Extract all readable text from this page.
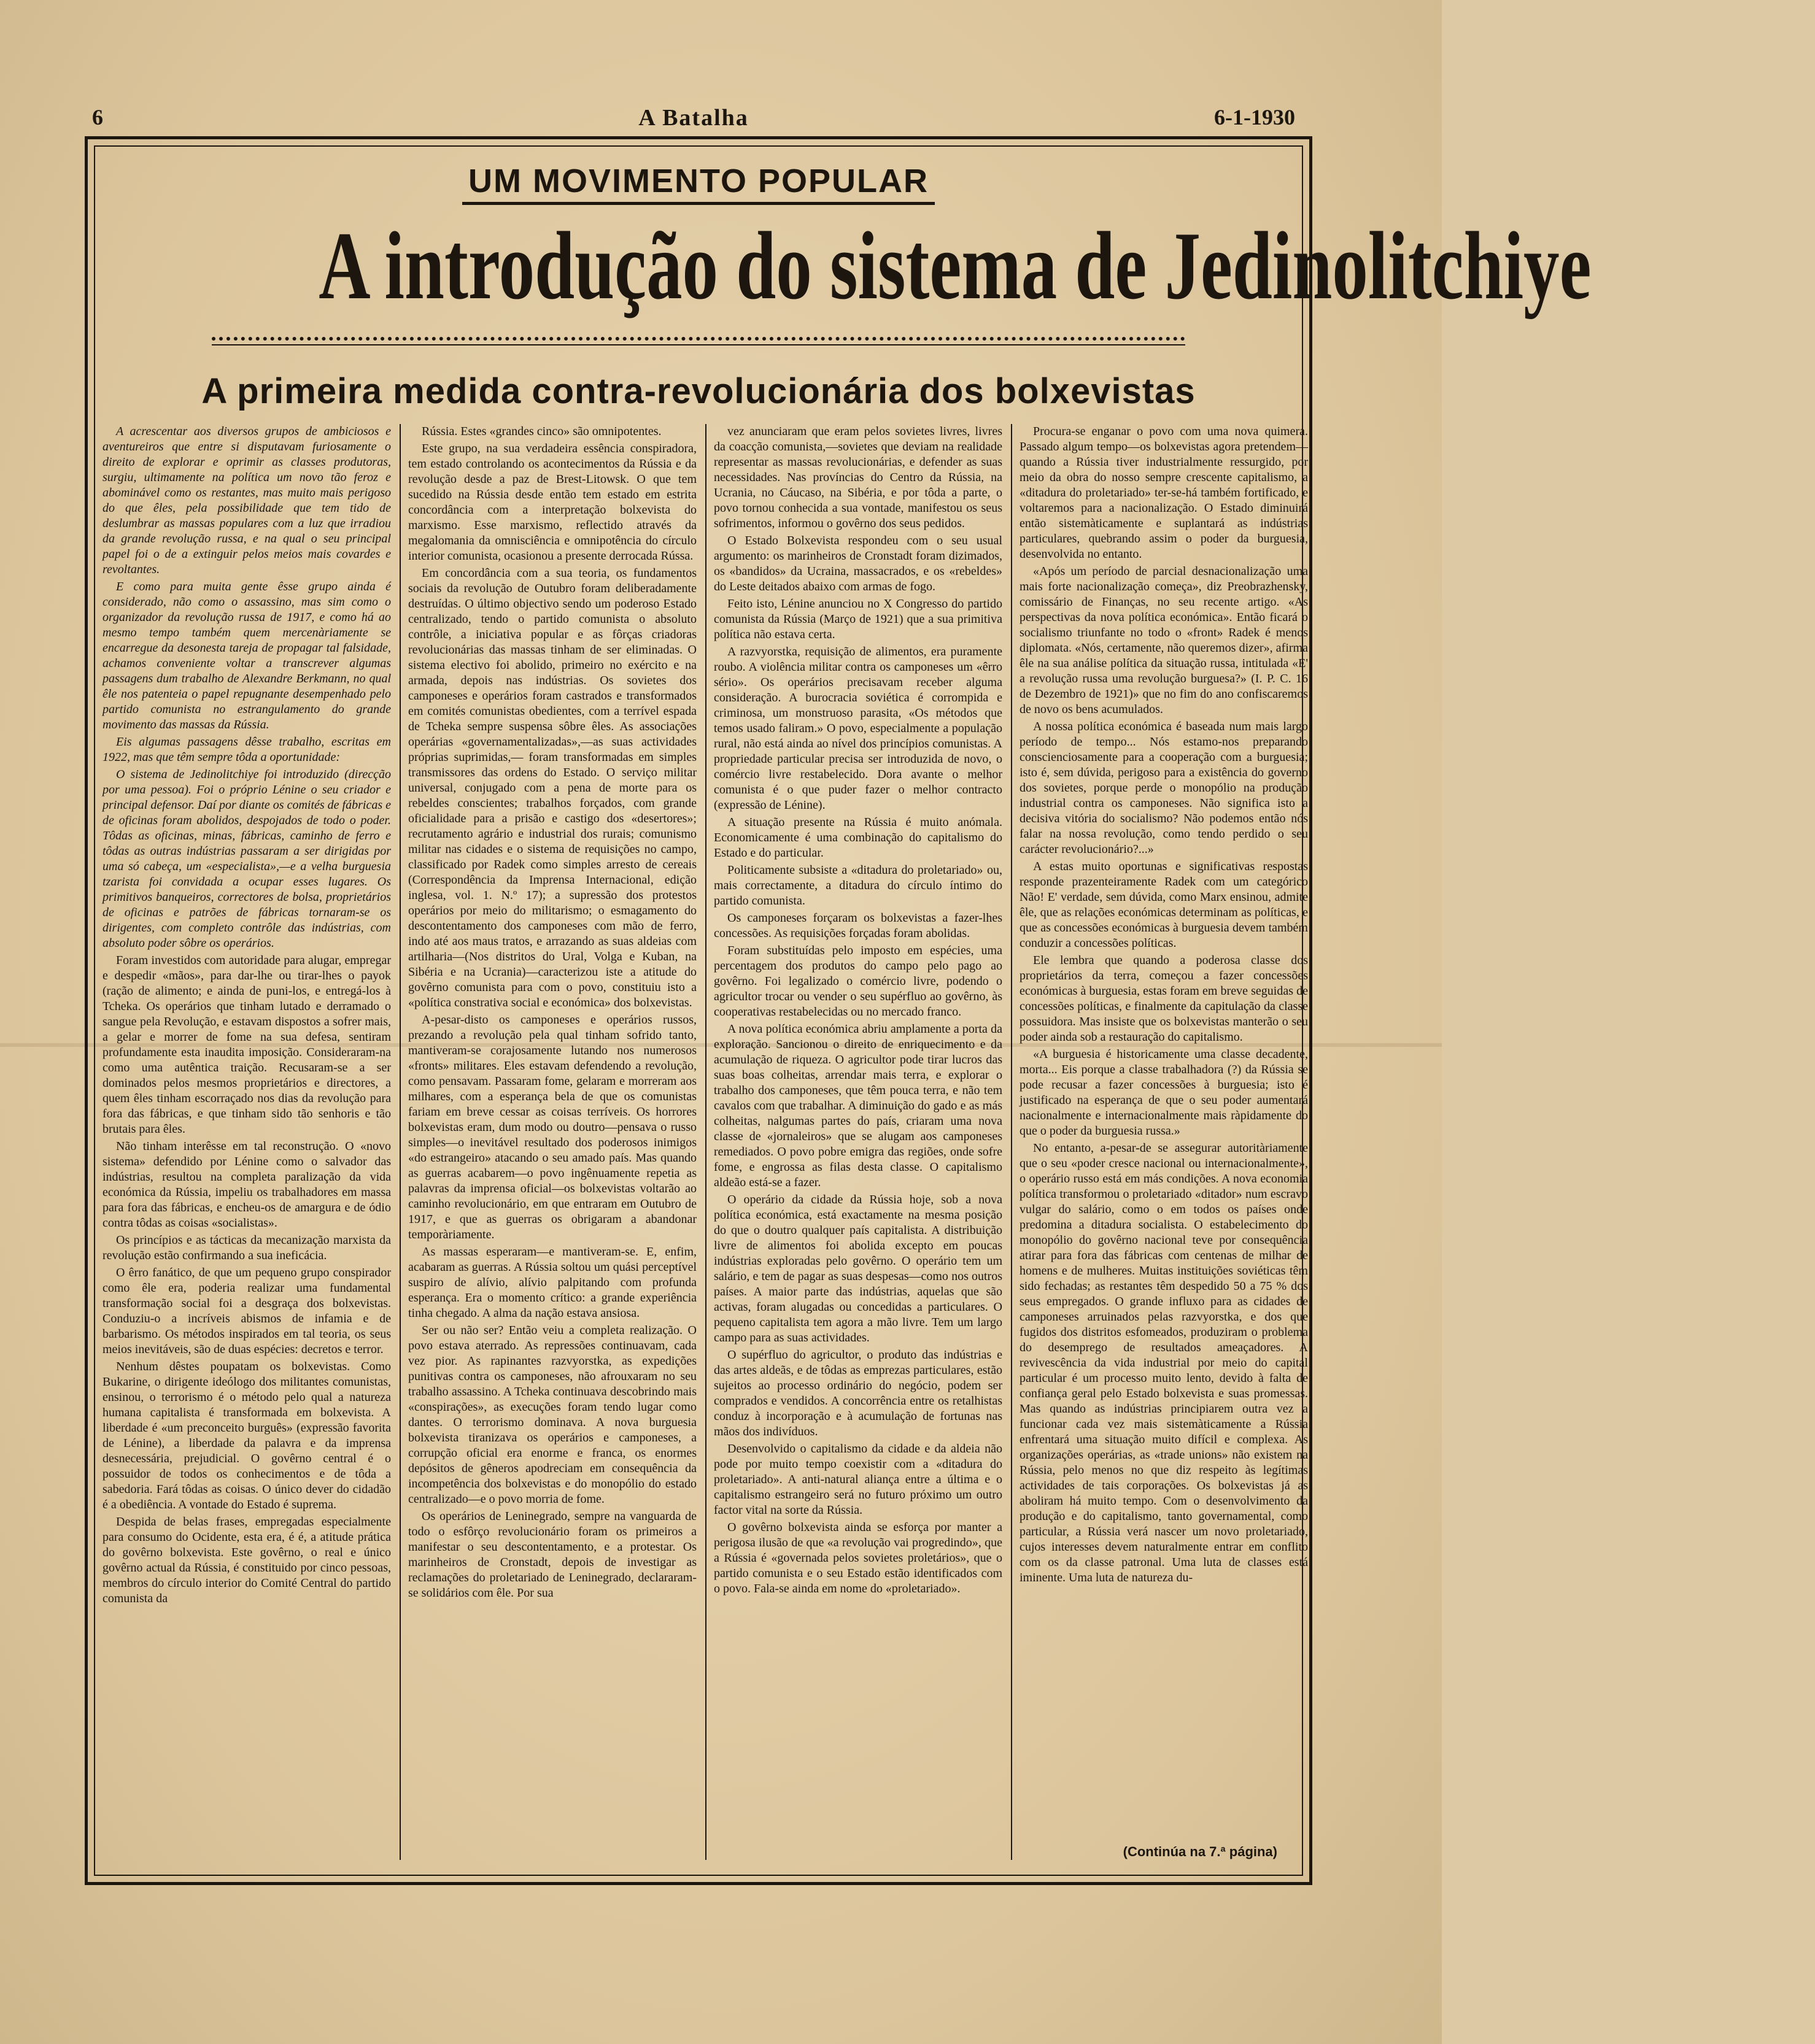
6	A Batalha	6-1-1930
UM MOVIMENTO POPULAR
A introdução do sistema de Jedinolitchiye
A primeira medida contra-revolucionária dos bolxevistas

A acrescentar aos diversos grupos de ambiciosos e aventureiros que entre si disputavam furiosamente o direito de explorar e oprimir as classes produtoras, surgiu, ultimamente na política um novo tão feroz e abominável como os restantes, mas muito mais perigoso do que êles, pela possibilidade que tem tido de deslumbrar as massas populares com a luz que irradiou da grande revolução russa, e na qual o seu principal papel foi o de a extinguir pelos meios mais covardes e revoltantes.

E como para muita gente êsse grupo ainda é considerado, não como o assassino, mas sim como o organizador da revolução russa de 1917, e como há ao mesmo tempo também quem mercenàriamente se encarregue da desonesta tareja de propagar tal falsidade, achamos conveniente voltar a transcrever algumas passagens dum trabalho de Alexandre Berkmann, no qual êle nos patenteia o papel repugnante desempenhado pelo partido comunista no estrangulamento do grande movimento das massas da Rússia.

Eis algumas passagens dêsse trabalho, escritas em 1922, mas que têm sempre tôda a oportunidade:

O sistema de Jedinolitchiye foi introduzido (direcção por uma pessoa). Foi o próprio Lénine o seu criador e principal defensor. Daí por diante os comités de fábricas e de oficinas foram abolidos, despojados de todo o poder. Tôdas as oficinas, minas, fábricas, caminho de ferro e tôdas as outras indústrias passaram a ser dirigidas por uma só cabeça, um «especialista»,—e a velha burguesia tzarista foi convidada a ocupar esses lugares. Os primitivos banqueiros, correctores de bolsa, proprietários de oficinas e patrões de fábricas tornaram-se os dirigentes, com completo contrôle das indústrias, com absoluto poder sôbre os operários.

Foram investidos com autoridade para alugar, empregar e despedir «mãos», para dar-lhe ou tirar-lhes o payok (ração de alimento; e ainda de puni-los, e entregá-los à Tcheka. Os operários que tinham lutado e derramado o sangue pela Revolução, e estavam dispostos a sofrer mais, a gelar e morrer de fome na sua defesa, sentiram profundamente esta inaudita imposição. Consideraram-na como uma autêntica traição. Recusaram-se a ser dominados pelos mesmos proprietários e directores, a quem êles tinham escorraçado nos dias da revolução para fora das fábricas, e que tinham sido tão senhoris e tão brutais para êles.

Não tinham interêsse em tal reconstrução. O «novo sistema» defendido por Lénine como o salvador das indústrias, resultou na completa paralização da vida económica da Rússia, impeliu os trabalhadores em massa para fora das fábricas, e encheu-os de amargura e de ódio contra tôdas as coisas «socialistas».

Os princípios e as tácticas da mecanização marxista da revolução estão confirmando a sua ineficácia.

O êrro fanático, de que um pequeno grupo conspirador como êle era, poderia realizar uma fundamental transformação social foi a desgraça dos bolxevistas. Conduziu-o a incríveis abismos de infamia e de barbarismo. Os métodos inspirados em tal teoria, os seus meios inevitáveis, são de duas espécies: decretos e terror.

Nenhum dêstes poupatam os bolxevistas. Como Bukarine, o dirigente ideólogo dos militantes comunistas, ensinou, o terrorismo é o método pelo qual a natureza humana capitalista é transformada em bolxevista. A liberdade é «um preconceito burguês» (expressão favorita de Lénine), a liberdade da palavra e da imprensa desnecessária, prejudicial. O govêrno central é o possuidor de todos os conhecimentos e de tôda a sabedoria. Fará tôdas as coisas. O único dever do cidadão é a obediência. A vontade do Estado é suprema.

Despida de belas frases, empregadas especialmente para consumo do Ocidente, esta era, é é, a atitude prática do govêrno bolxevista. Este govêrno, o real e único govêrno actual da Rússia, é constituido por cinco pessoas, membros do círculo interior do Comité Central do partido comunista da

Rússia. Estes «grandes cinco» são omnipotentes.

Este grupo, na sua verdadeira essência conspiradora, tem estado controlando os acontecimentos da Rússia e da revolução desde a paz de Brest-Litowsk. O que tem sucedido na Rússia desde então tem estado em estrita concordância com a interpretação bolxevista do marxismo. Esse marxismo, reflectido através da megalomania da omnisciência e omnipotência do círculo interior comunista, ocasionou a presente derrocada Rússa.

Em concordância com a sua teoria, os fundamentos sociais da revolução de Outubro foram deliberadamente destruídas. O último objectivo sendo um poderoso Estado centralizado, tendo o partido comunista o absoluto contrôle, a iniciativa popular e as fôrças criadoras revolucionárias das massas tinham de ser eliminadas. O sistema electivo foi abolido, primeiro no exército e na armada, depois nas indústrias. Os sovietes dos camponeses e operários foram castrados e transformados em comités comunistas obedientes, com a terrível espada de Tcheka sempre suspensa sôbre êles. As associações operárias «governamentalizadas»,—as suas actividades próprias suprimidas,— foram transformadas em simples transmissores das ordens do Estado. O serviço militar universal, conjugado com a pena de morte para os rebeldes conscientes; trabalhos forçados, com grande oficialidade para a prisão e castigo dos «desertores»; recrutamento agrário e industrial dos rurais; comunismo militar nas cidades e o sistema de requisições no campo, classificado por Radek como simples arresto de cereais (Correspondência da Imprensa Internacional, edição inglesa, vol. 1. N.º 17); a supressão dos protestos operários por meio do militarismo; o esmagamento do descontentamento dos camponeses com mão de ferro, indo até aos maus tratos, e arrazando as suas aldeias com artilharia—(Nos distritos do Ural, Volga e Kuban, na Sibéria e na Ucrania)—caracterizou iste a atitude do govêrno comunista para com o povo, constituiu isto a «política constrativa social e económica» dos bolxevistas.

A-pesar-disto os camponeses e operários russos, prezando a revolução pela qual tinham sofrido tanto, mantiveram-se corajosamente lutando nos numerosos «fronts» militares. Eles estavam defendendo a revolução, como pensavam. Passaram fome, gelaram e morreram aos milhares, com a esperança bela de que os comunistas fariam em breve cessar as coisas terríveis. Os horrores bolxevistas eram, dum modo ou doutro—pensava o russo simples—o inevitável resultado dos poderosos inimigos «do estrangeiro» atacando o seu amado país. Mas quando as guerras acabarem—o povo ingênuamente repetia as palavras da imprensa oficial—os bolxevistas voltarão ao caminho revolucionário, em que entraram em Outubro de 1917, e que as guerras os obrigaram a abandonar temporàriamente.

As massas esperaram—e mantiveram-se. E, enfim, acabaram as guerras. A Rússia soltou um quási perceptível suspiro de alívio, alívio palpitando com profunda esperança. Era o momento crítico: a grande experiência tinha chegado. A alma da nação estava ansiosa.

Ser ou não ser? Então veiu a completa realização. O povo estava aterrado. As repressões continuavam, cada vez pior. As rapinantes razvyorstka, as expedições punitivas contra os camponeses, não afrouxaram no seu trabalho assassino. A Tcheka continuava descobrindo mais «conspirações», as execuções foram tendo lugar como dantes. O terrorismo dominava. A nova burguesia bolxevista tiranizava os operários e camponeses, a corrupção oficial era enorme e franca, os enormes depósitos de gêneros apodreciam em consequência da incompetência dos bolxevistas e do monopólio do estado centralizado—e o povo morria de fome.

Os operários de Leninegrado, sempre na vanguarda de todo o esfôrço revolucionário foram os primeiros a manifestar o seu descontentamento, e a protestar. Os marinheiros de Cronstadt, depois de investigar as reclamações do proletariado de Leninegrado, declararam-se solidários com êle. Por sua

vez anunciaram que eram pelos sovietes livres, livres da coacção comunista,—sovietes que deviam na realidade representar as massas revolucionárias, e defender as suas necessidades. Nas províncias do Centro da Rússia, na Ucrania, no Cáucaso, na Sibéria, e por tôda a parte, o povo tornou conhecida a sua vontade, manifestou os seus sofrimentos, informou o govêrno dos seus pedidos.

O Estado Bolxevista respondeu com o seu usual argumento: os marinheiros de Cronstadt foram dizimados, os «bandidos» da Ucraina, massacrados, e os «rebeldes» do Leste deitados abaixo com armas de fogo.

Feito isto, Lénine anunciou no X Congresso do partido comunista da Rússia (Março de 1921) que a sua primitiva política não estava certa.

A razvyorstka, requisição de alimentos, era puramente roubo. A violência militar contra os camponeses um «êrro sério». Os operários precisavam receber alguma consideração. A burocracia soviética é corrompida e criminosa, um monstruoso parasita, «Os métodos que temos usado faliram.» O povo, especialmente a população rural, não está ainda ao nível dos princípios comunistas. A propriedade particular precisa ser introduzida de novo, o comércio livre restabelecido. Dora avante o melhor comunista é o que puder fazer o melhor contracto (expressão de Lénine).

A situação presente na Rússia é muito anómala. Economicamente é uma combinação do capitalismo do Estado e do particular.

Politicamente subsiste a «ditadura do proletariado» ou, mais correctamente, a ditadura do círculo íntimo do partido comunista.

Os camponeses forçaram os bolxevistas a fazer-lhes concessões. As requisições forçadas foram abolidas.

Foram substituídas pelo imposto em espécies, uma percentagem dos produtos do campo pelo pago ao govêrno. Foi legalizado o comércio livre, podendo o agricultor trocar ou vender o seu supérfluo ao govêrno, às cooperativas restabelecidas ou no mercado franco.

A nova política económica abriu amplamente a porta da exploração. Sancionou o direito de enriquecimento e da acumulação de riqueza. O agricultor pode tirar lucros das suas boas colheitas, arrendar mais terra, e explorar o trabalho dos camponeses, que têm pouca terra, e não tem cavalos com que trabalhar. A diminuição do gado e as más colheitas, nalgumas partes do país, criaram uma nova classe de «jornaleiros» que se alugam aos camponeses remediados. O povo pobre emigra das regiões, onde sofre fome, e engrossa as filas desta classe. O capitalismo aldeão está-se a fazer.

O operário da cidade da Rússia hoje, sob a nova política económica, está exactamente na mesma posição do que o doutro qualquer país capitalista. A distribuição livre de alimentos foi abolida excepto em poucas indústrias exploradas pelo govêrno. O operário tem um salário, e tem de pagar as suas despesas—como nos outros países. A maior parte das indústrias, aquelas que são activas, foram alugadas ou concedidas a particulares. O pequeno capitalista tem agora a mão livre. Tem um largo campo para as suas actividades.

O supérfluo do agricultor, o produto das indústrias e das artes aldeãs, e de tôdas as emprezas particulares, estão sujeitos ao processo ordinário do negócio, podem ser comprados e vendidos. A concorrência entre os retalhistas conduz à incorporação e à acumulação de fortunas nas mãos dos indivíduos.

Desenvolvido o capitalismo da cidade e da aldeia não pode por muito tempo coexistir com a «ditadura do proletariado». A anti-natural aliança entre a última e o capitalismo estrangeiro será no futuro próximo um outro factor vital na sorte da Rússia.

O govêrno bolxevista ainda se esforça por manter a perigosa ilusão de que «a revolução vai progredindo», que a Rússia é «governada pelos sovietes proletários», que o partido comunista e o seu Estado estão identificados com o povo. Fala-se ainda em nome do «proletariado».

Procura-se enganar o povo com uma nova quimera. Passado algum tempo—os bolxevistas agora pretendem—quando a Rússia tiver industrialmente ressurgido, por meio da obra do nosso sempre crescente capitalismo, a «ditadura do proletariado» ter-se-há também fortificado, e voltaremos para a nacionalização. O Estado diminuirá então sistemàticamente e suplantará as indústrias particulares, quebrando assim o poder da burguesia, desenvolvida no entanto.

«Após um período de parcial desnacionalização uma mais forte nacionalização começa», diz Preobrazhensky, comissário de Finanças, no seu recente artigo. «As perspectivas da nova política económica». Então ficará o socialismo triunfante no todo o «front» Radek é menos diplomata. «Nós, certamente, não queremos dizer», afirma êle na sua análise política da situação russa, intitulada «E' a revolução russa uma revolução burguesa?» (I. P. C. 16 de Dezembro de 1921)» que no fim do ano confiscaremos de novo os bens acumulados.

A nossa política económica é baseada num mais largo período de tempo... Nós estamo-nos preparando conscienciosamente para a cooperação com a burguesia; isto é, sem dúvida, perigoso para a existência do governo dos sovietes, porque perde o monopólio na produção industrial contra os camponeses. Não significa isto a decisiva vitória do socialismo? Não podemos então nós falar na nossa revolução, como tendo perdido o seu carácter revolucionário?...»

A estas muito oportunas e significativas respostas responde prazenteiramente Radek com um categórico Não! E' verdade, sem dúvida, como Marx ensinou, admite êle, que as relações económicas determinam as políticas, e que as concessões económicas à burguesia devem também conduzir a concessões políticas.

Ele lembra que quando a poderosa classe dos proprietários da terra, começou a fazer concessões económicas à burguesia, estas foram em breve seguidas de concessões políticas, e finalmente da capitulação da classe possuidora. Mas insiste que os bolxevistas manterão o seu poder ainda sob a restauração do capitalismo.

«A burguesia é historicamente uma classe decadente, morta... Eis porque a classe trabalhadora (?) da Rússia se pode recusar a fazer concessões à burguesia; isto é justificado na esperança de que o seu poder aumentará nacionalmente e internacionalmente mais ràpidamente do que o poder da burguesia russa.»

No entanto, a-pesar-de se assegurar autoritàriamente que o seu «poder cresce nacional ou internacionalmente», o operário russo está em más condições. A nova economia política transformou o proletariado «ditador» num escravo vulgar do salário, como o em todos os países onde predomina a ditadura socialista. O estabelecimento do monopólio do govêrno nacional teve por consequência atirar para fora das fábricas com centenas de milhar de homens e de mulheres. Muitas instituições soviéticas têm sido fechadas; as restantes têm despedido 50 a 75 % dos seus empregados. O grande influxo para as cidades de camponeses arruinados pelas razvyorstka, e dos que fugidos dos distritos esfomeados, produziram o problema do desemprego de resultados ameaçadores. A revivescência da vida industrial por meio do capital particular é um processo muito lento, devido à falta de confiança geral pelo Estado bolxevista e suas promessas. Mas quando as indústrias principiarem outra vez a funcionar cada vez mais sistemàticamente a Rússia enfrentará uma situação muito difícil e complexa. As organizações operárias, as «trade unions» não existem na Rússia, pelo menos no que diz respeito às legítimas actividades de tais corporações. Os bolxevistas já as aboliram há muito tempo. Com o desenvolvimento da produção e do capitalismo, tanto governamental, como particular, a Rússia verá nascer um novo proletariado, cujos interesses devem naturalmente entrar em conflito com os da classe patronal. Uma luta de classes está iminente. Uma luta de natureza du-

(Continúa na 7.ª página)
